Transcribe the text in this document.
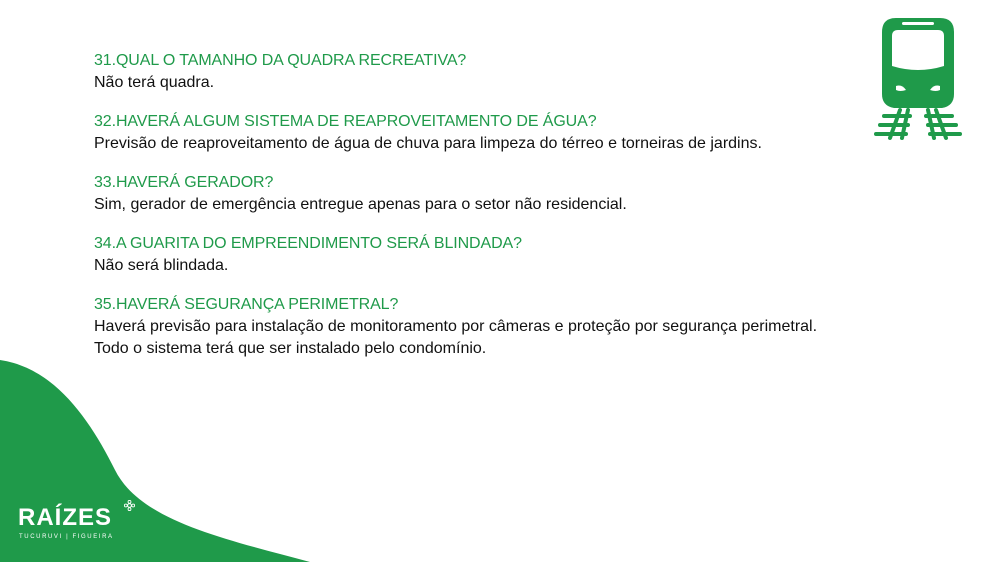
31.QUAL O TAMANHO DA QUADRA RECREATIVA?
Não terá quadra.
32.HAVERÁ ALGUM SISTEMA DE REAPROVEITAMENTO DE ÁGUA?
Previsão de reaproveitamento de água de chuva para limpeza do térreo e torneiras de jardins.
33.HAVERÁ GERADOR?
Sim, gerador de emergência entregue apenas para o setor não residencial.
34.A GUARITA DO EMPREENDIMENTO SERÁ BLINDADA?
Não será blindada.
35.HAVERÁ SEGURANÇA PERIMETRAL?
Haverá previsão para instalação de monitoramento por câmeras e proteção por segurança perimetral. Todo o sistema terá que ser instalado pelo condomínio.
RAÍZES
TUCURUVI | FIGUEIRA
